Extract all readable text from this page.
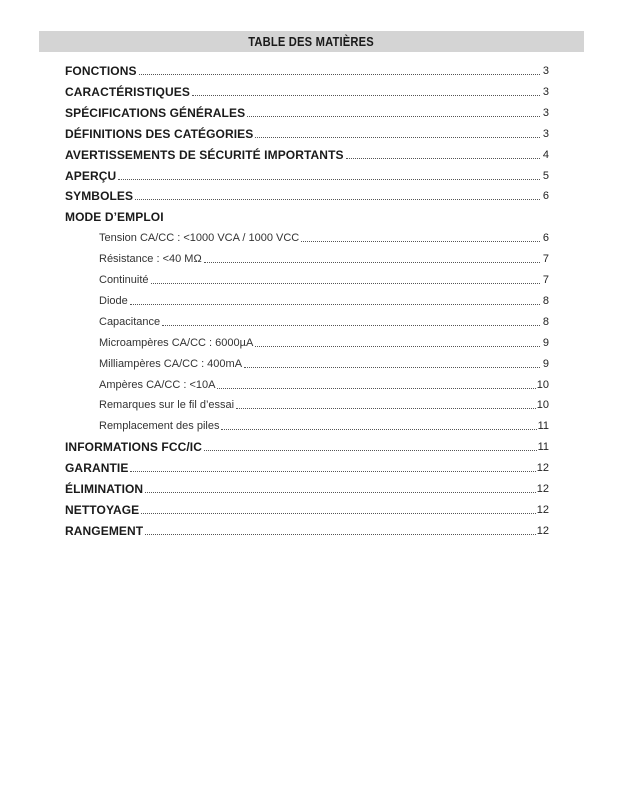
TABLE DES MATIÈRES
FONCTIONS	3
CARACTÉRISTIQUES	3
SPÉCIFICATIONS GÉNÉRALES	3
DÉFINITIONS DES CATÉGORIES	3
AVERTISSEMENTS DE SÉCURITÉ IMPORTANTS	4
APERÇU	5
SYMBOLES	6
MODE D’EMPLOI
Tension CA/CC : <1000 VCA / 1000 VCC	6
Résistance : <40 MΩ	7
Continuité	7
Diode	8
Capacitance	8
Microampères CA/CC : 6000µA	9
Milliampères CA/CC : 400mA	9
Ampères CA/CC : <10A	10
Remarques sur le fil d’essai	10
Remplacement des piles	11
INFORMATIONS FCC/IC	11
GARANTIE	12
ÉLIMINATION	12
NETTOYAGE	12
RANGEMENT	12
